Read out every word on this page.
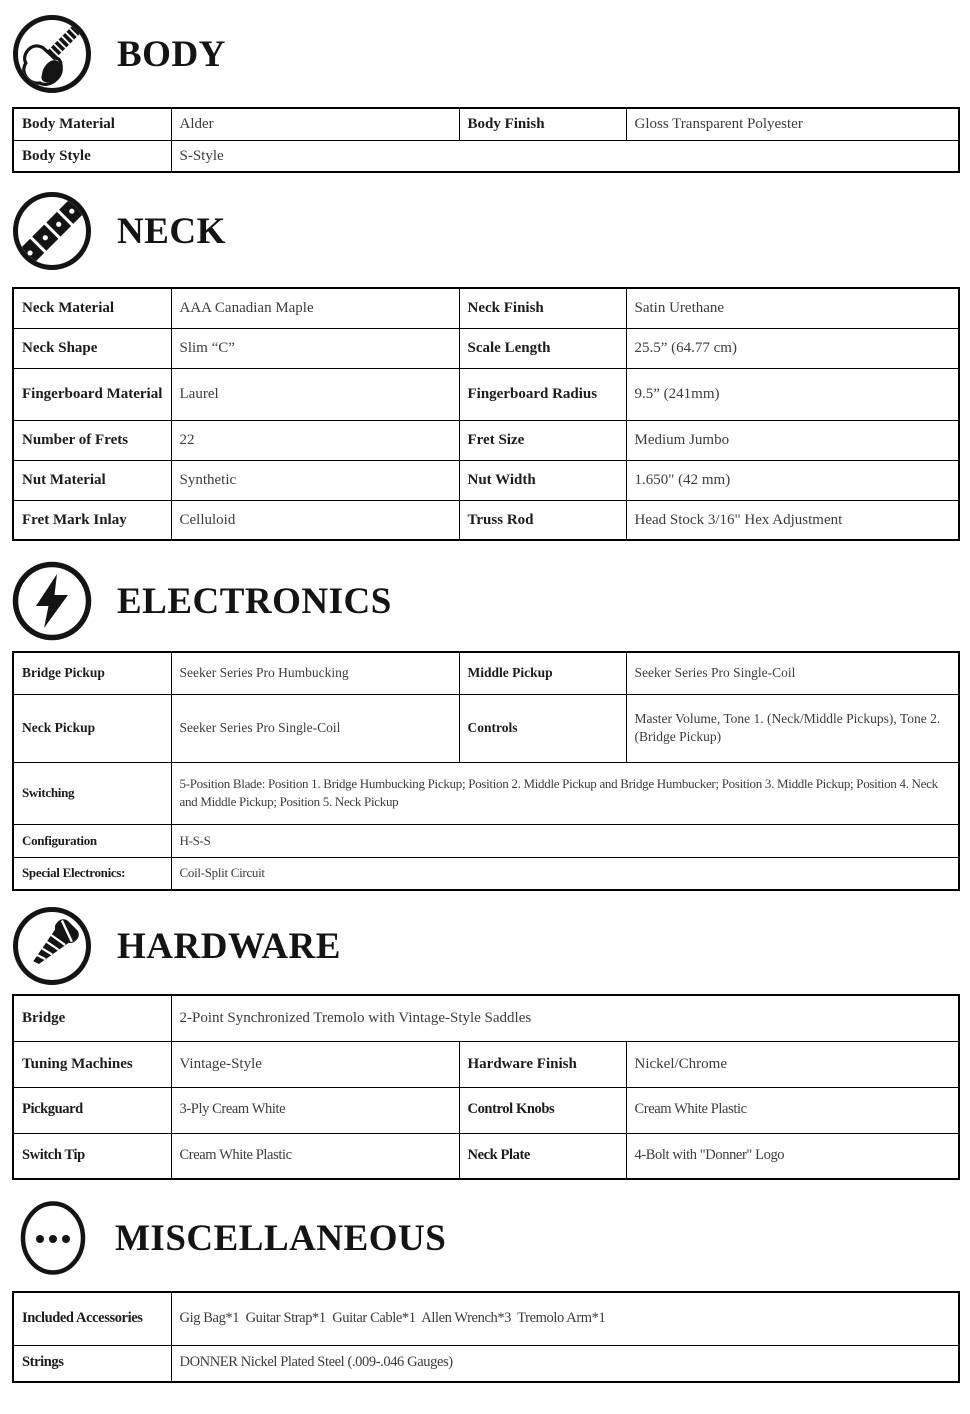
BODY
Body Material	Alder	Body Finish	Gloss Transparent Polyester
Body Style	S-Style		
NECK
Neck Material	AAA Canadian Maple	Neck Finish	Satin Urethane
Neck Shape	Slim “C”	Scale Length	25.5” (64.77 cm)
Fingerboard Material	Laurel	Fingerboard Radius	9.5” (241mm)
Number of Frets	22	Fret Size	Medium Jumbo
Nut Material	Synthetic	Nut Width	1.650" (42 mm)
Fret Mark Inlay	Celluloid	Truss Rod	Head Stock 3/16" Hex Adjustment
ELECTRONICS
Bridge Pickup	Seeker Series Pro Humbucking	Middle Pickup	Seeker Series Pro Single-Coil
Neck Pickup	Seeker Series Pro Single-Coil	Controls	Master Volume, Tone 1. (Neck/Middle Pickups), Tone 2. (Bridge Pickup)
Switching	5-Position Blade: Position 1. Bridge Humbucking Pickup; Position 2. Middle Pickup and Bridge Humbucker; Position 3. Middle Pickup; Position 4. Neck and Middle Pickup; Position 5. Neck Pickup		
Configuration	H-S-S		
Special Electronics:	Coil-Split Circuit		
HARDWARE
Bridge	2-Point Synchronized Tremolo with Vintage-Style Saddles		
Tuning Machines	Vintage-Style	Hardware Finish	Nickel/Chrome
Pickguard	3-Ply Cream White	Control Knobs	Cream White Plastic
Switch Tip	Cream White Plastic	Neck Plate	4-Bolt with "Donner" Logo
MISCELLANEOUS
Included Accessories	Gig Bag*1  Guitar Strap*1  Guitar Cable*1  Allen Wrench*3  Tremolo Arm*1
Strings	DONNER Nickel Plated Steel (.009-.046 Gauges)
